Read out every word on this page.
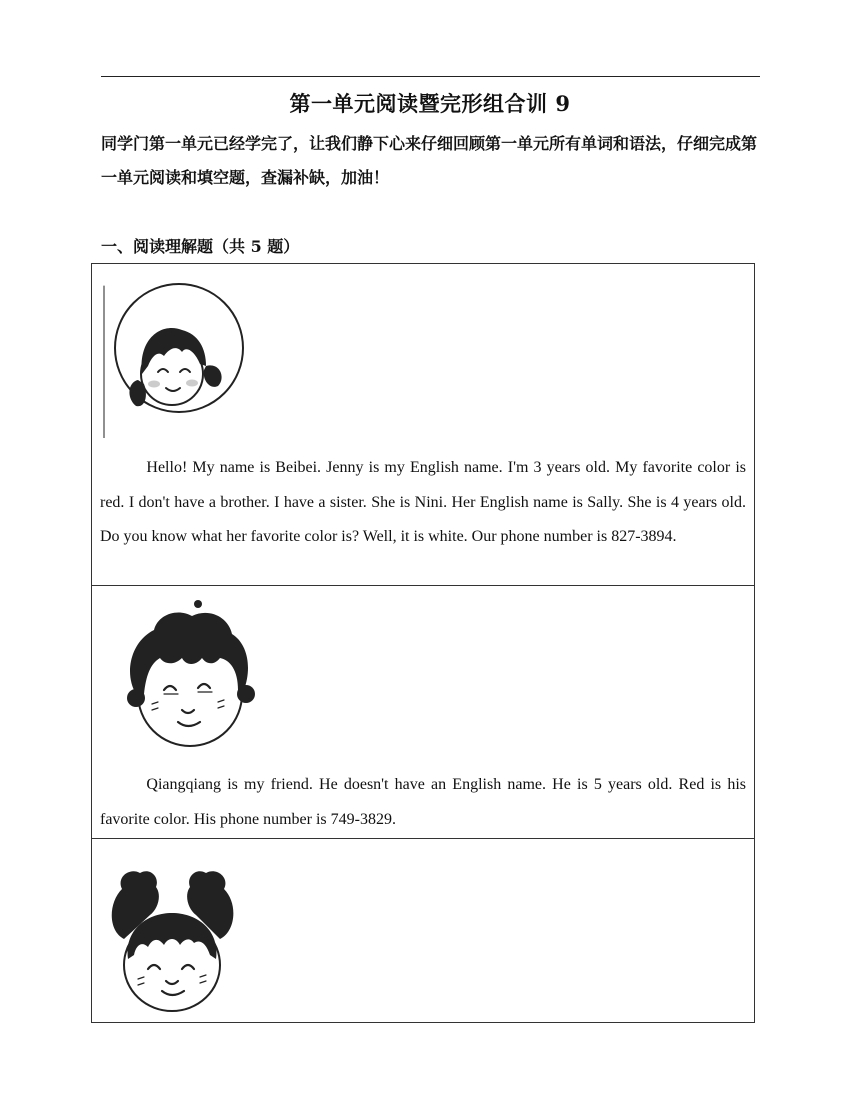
第一单元阅读暨完形组合训 9
同学门第一单元已经学完了，让我们静下心来仔细回顾第一单元所有单词和语法，仔细完成第一单元阅读和填空题，查漏补缺，加油！
一、阅读理解题（共 5 题）
Hello! My name is Beibei. Jenny is my English name. I'm 3 years old. My favorite color is red. I don't have a brother. I have a sister. She is Nini. Her English name is Sally. She is 4 years old. Do you know what her favorite color is? Well, it is white. Our phone number is 827-3894.
Qiangqiang is my friend. He doesn't have an English name. He is 5 years old. Red is his favorite color. His phone number is 749-3829.
